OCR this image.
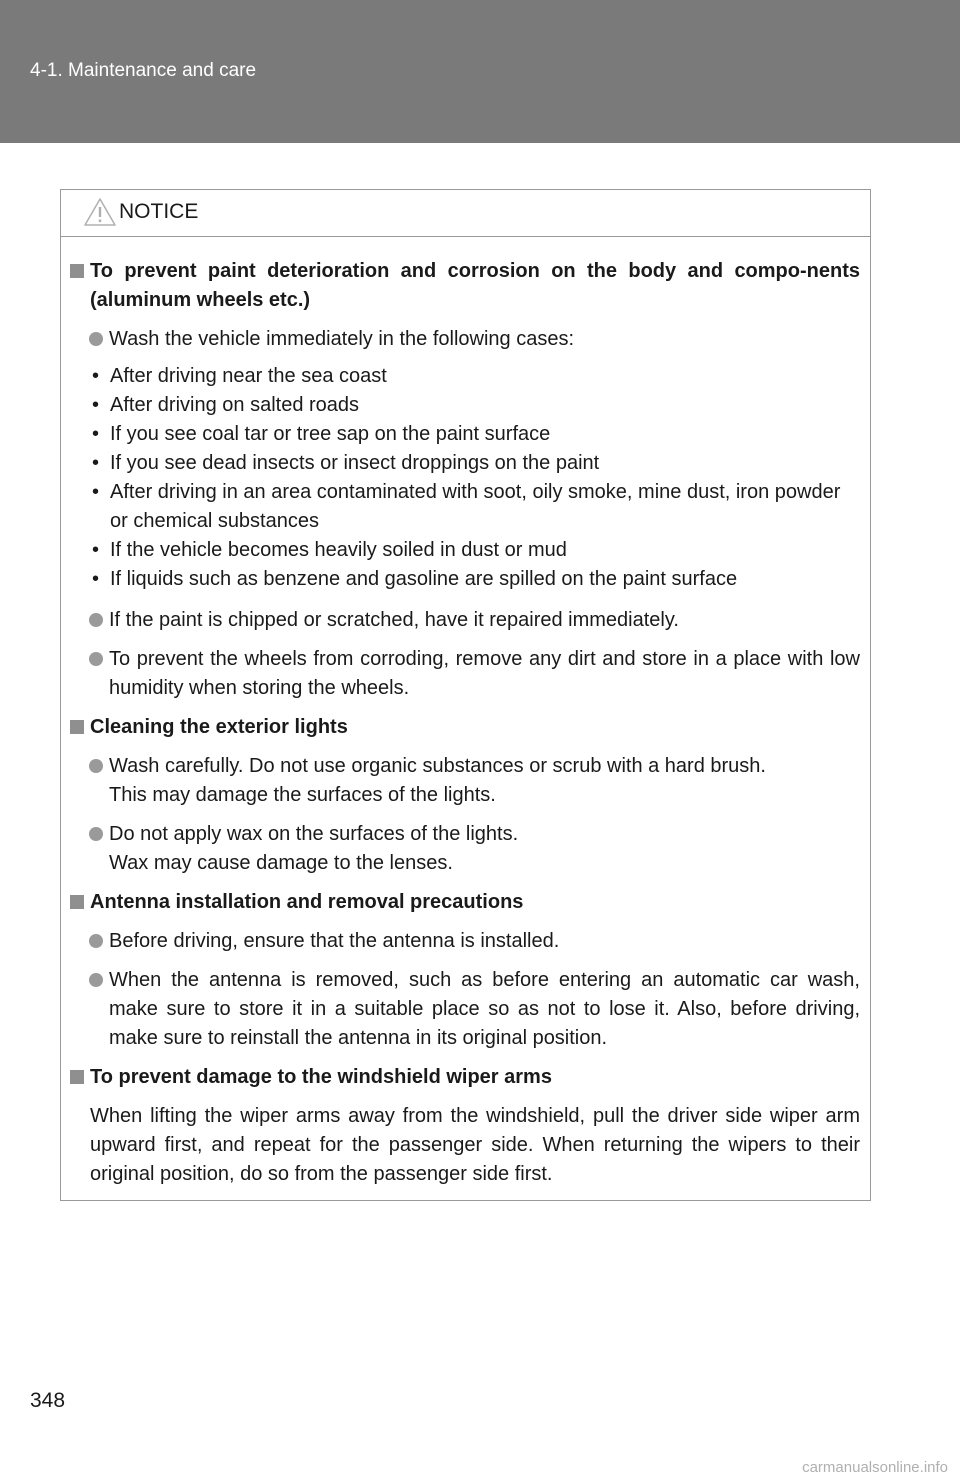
4-1. Maintenance and care
NOTICE
To prevent paint deterioration and corrosion on the body and compo-nents (aluminum wheels etc.)
Wash the vehicle immediately in the following cases:
• After driving near the sea coast
• After driving on salted roads
• If you see coal tar or tree sap on the paint surface
• If you see dead insects or insect droppings on the paint
• After driving in an area contaminated with soot, oily smoke, mine dust, iron powder or chemical substances
• If the vehicle becomes heavily soiled in dust or mud
• If liquids such as benzene and gasoline are spilled on the paint surface
If the paint is chipped or scratched, have it repaired immediately.
To prevent the wheels from corroding, remove any dirt and store in a place with low humidity when storing the wheels.
Cleaning the exterior lights
Wash carefully. Do not use organic substances or scrub with a hard brush.
This may damage the surfaces of the lights.
Do not apply wax on the surfaces of the lights.
Wax may cause damage to the lenses.
Antenna installation and removal precautions
Before driving, ensure that the antenna is installed.
When the antenna is removed, such as before entering an automatic car wash, make sure to store it in a suitable place so as not to lose it. Also, before driving, make sure to reinstall the antenna in its original position.
To prevent damage to the windshield wiper arms
When lifting the wiper arms away from the windshield, pull the driver side wiper arm upward first, and repeat for the passenger side. When returning the wipers to their original position, do so from the passenger side first.
348
carmanualsonline.info
